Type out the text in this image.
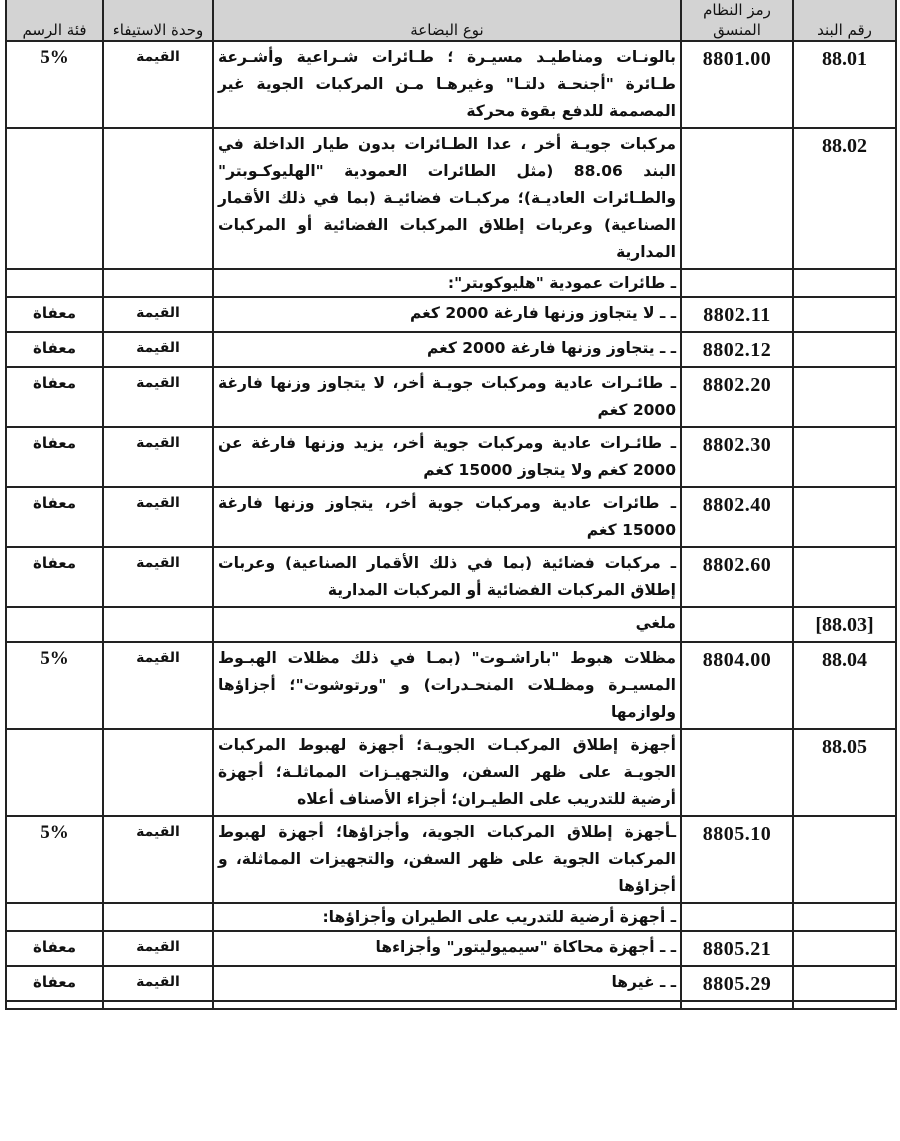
فئة الرسم	وحدة الاستيفاء	نوع البضاعة	رمز النظام المنسق	رقم البند
5%	القيمة	بالونـات ومناطيـد مسيـرة ؛ طـائرات شـراعية وأشـرعة طـائرة "أجنحـة دلتـا" وغيرهـا مـن المركبات الجوية غير المصممة للدفع بقوة محركة	8801.00	88.01
		مركبات جويـة أخر ، عدا الطـائرات بدون طيار الداخلة في البند 88.06 (مثل الطائرات العمودية "الهليوكـوبتر" والطـائرات العاديـة)؛ مركبـات فضائيـة (بما في ذلك الأقمار الصناعية) وعربات إطلاق المركبات الفضائية أو المركبات المدارية		88.02
		ـ طائرات عمودية "هليوكوبتر":		
معفاة	القيمة	ـ ـ لا يتجاوز وزنها فارغة 2000 كغم	8802.11	
معفاة	القيمة	ـ ـ يتجاوز وزنها فارغة 2000 كغم	8802.12	
معفاة	القيمة	ـ طائـرات عادية ومركبات جويـة أخر، لا يتجاوز وزنها فارغة 2000 كغم	8802.20	
معفاة	القيمة	ـ طائـرات عادية ومركبات جوية أخر، يزيد وزنها فارغة عن 2000 كغم ولا يتجاوز 15000 كغم	8802.30	
معفاة	القيمة	ـ طائرات عادية ومركبات جوية أخر، يتجاوز وزنها فارغة 15000 كغم	8802.40	
معفاة	القيمة	ـ مركبات فضائية (بما في ذلك الأقمار الصناعية) وعربات إطلاق المركبات الفضائية أو المركبات المدارية	8802.60	
		ملغي		[88.03]
5%	القيمة	مظلات هبوط "باراشـوت" (بمـا في ذلك مظلات الهبـوط المسيـرة ومظـلات المنحـدرات) و "ورتوشوت"؛ أجزاؤها ولوازمها	8804.00	88.04
		أجهزة إطلاق المركبـات الجويـة؛ أجهزة لهبوط المركبات الجويـة على ظهر السفن، والتجهيـزات المماثلـة؛ أجهزة أرضية للتدريب على الطيـران؛ أجزاء الأصناف أعلاه		88.05
5%	القيمة	ـأجهزة إطلاق المركبات الجوية، وأجزاؤها؛ أجهزة لهبوط المركبات الجوية على ظهر السفن، والتجهيزات المماثلة، و أجزاؤها	8805.10	
		ـ أجهزة أرضية للتدريب على الطيران وأجزاؤها:		
معفاة	القيمة	ـ ـ أجهزة محاكاة "سيميوليتور" وأجزاءها	8805.21	
معفاة	القيمة	ـ ـ غيرها	8805.29	
